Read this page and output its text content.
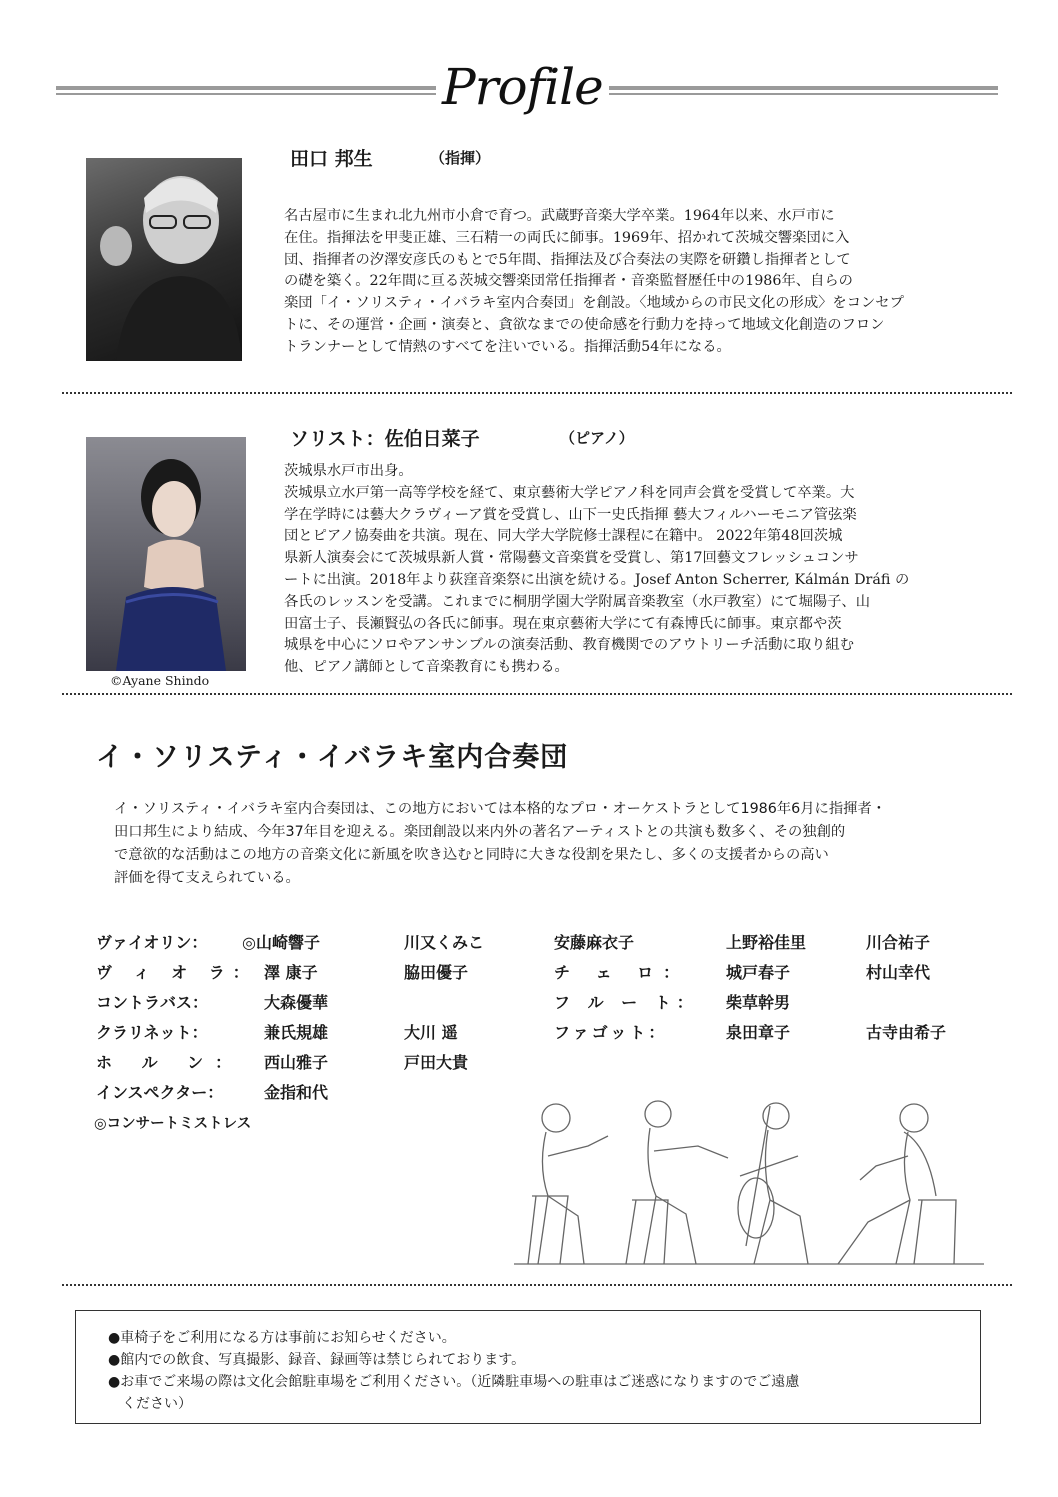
Profile
田口 邦生	（指揮）
名古屋市に生まれ北九州市小倉で育つ。武蔵野音楽大学卒業。1964年以来、水戸市に
在住。指揮法を甲斐正雄、三石精一の両氏に師事。1969年、招かれて茨城交響楽団に入
団、指揮者の汐澤安彦氏のもとで5年間、指揮法及び合奏法の実際を研鑽し指揮者として
の礎を築く。22年間に亘る茨城交響楽団常任指揮者・音楽監督歴任中の1986年、自らの
楽団「イ・ソリスティ・イバラキ室内合奏団」を創設。〈地域からの市民文化の形成〉をコンセプ
トに、その運営・企画・演奏と、貪欲なまでの使命感を行動力を持って地域文化創造のフロン
トランナーとして情熱のすべてを注いでいる。指揮活動54年になる。
ソリスト：佐伯日菜子	（ピアノ）
茨城県水戸市出身。
茨城県立水戸第一高等学校を経て、東京藝術大学ピアノ科を同声会賞を受賞して卒業。大
学在学時には藝大クラヴィーア賞を受賞し、山下一史氏指揮 藝大フィルハーモニア管弦楽
団とピアノ協奏曲を共演。現在、同大学大学院修士課程に在籍中。 2022年第48回茨城
県新人演奏会にて茨城県新人賞・常陽藝文音楽賞を受賞し、第17回藝文フレッシュコンサ
ートに出演。2018年より荻窪音楽祭に出演を続ける。Josef Anton Scherrer, Kálmán Dráfi の
各氏のレッスンを受講。これまでに桐朋学園大学附属音楽教室（水戸教室）にて堀陽子、山
田富士子、長瀬賢弘の各氏に師事。現在東京藝術大学にて有森博氏に師事。東京都や茨
城県を中心にソロやアンサンブルの演奏活動、教育機関でのアウトリーチ活動に取り組む
他、ピアノ講師として音楽教育にも携わる。
©Ayane Shindo
イ・ソリスティ・イバラキ室内合奏団
イ・ソリスティ・イバラキ室内合奏団は、この地方においては本格的なプロ・オーケストラとして1986年6月に指揮者・
田口邦生により結成、今年37年目を迎える。楽団創設以来内外の著名アーティストとの共演も数多く、その独創的
で意欲的な活動はこの地方の音楽文化に新風を吹き込むと同時に大きな役割を果たし、多くの支援者からの高い
評価を得て支えられている。
ヴァイオリン： ◎山崎響子	川又くみこ	安藤麻衣子	上野裕佳里	川合祐子
ヴ ィ オ ラ： 澤 康子	脇田優子	チ ェ ロ： 城戸春子	村山幸代
コントラバス：	大森優華	フ ル ー ト： 柴草幹男
クラリネット：	兼氏規雄	大川 遥	ファゴット：	泉田章子	古寺由希子
ホ ル ン： 西山雅子	戸田大貴
インスペクター：	金指和代
◎コンサートミストレス
●車椅子をご利用になる方は事前にお知らせください。
●館内での飲食、写真撮影、録音、録画等は禁じられております。
●お車でご来場の際は文化会館駐車場をご利用ください。（近隣駐車場への駐車はご迷惑になりますのでご遠慮
　ください）
